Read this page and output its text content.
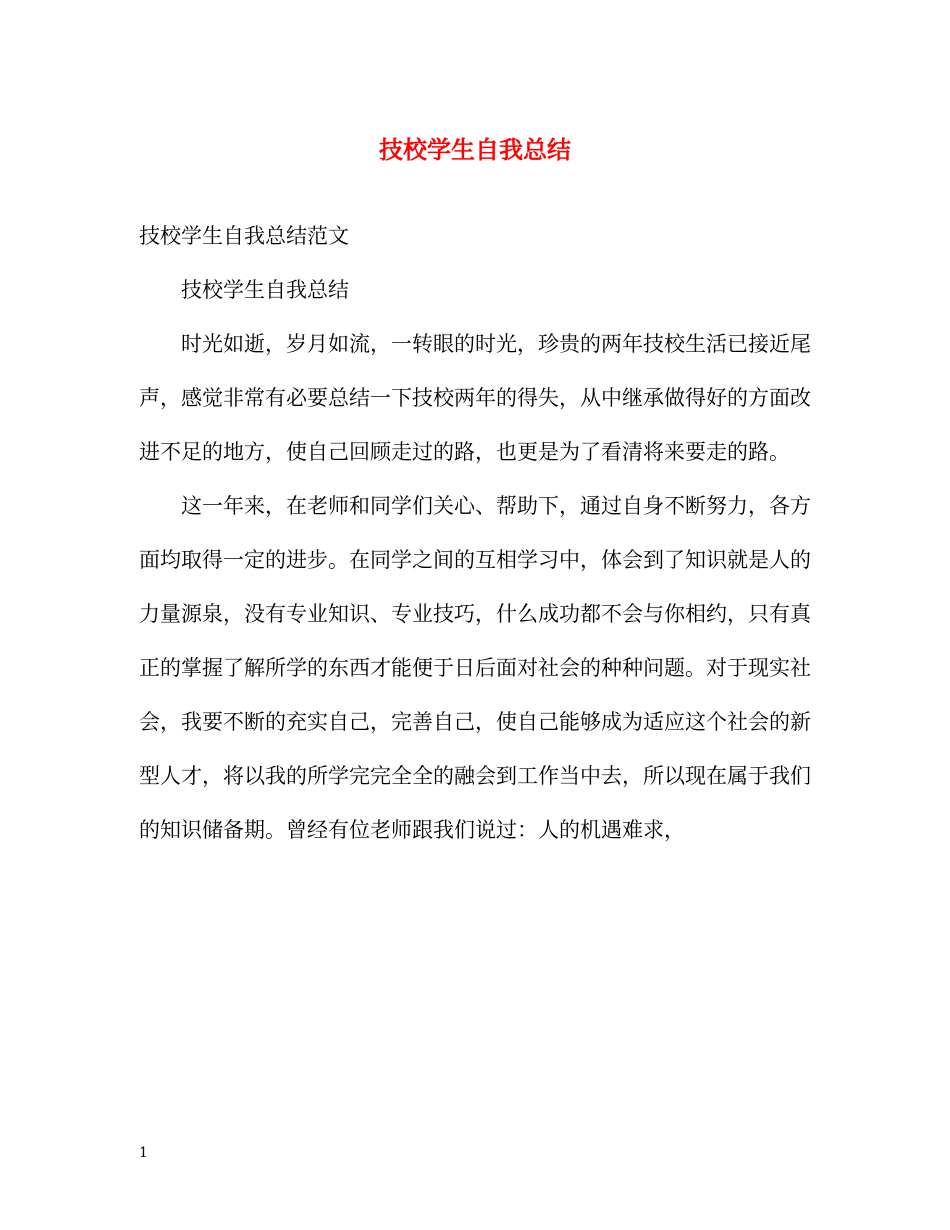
技校学生自我总结

技校学生自我总结范文

技校学生自我总结

时光如逝，岁月如流，一转眼的时光，珍贵的两年技校生活已接近尾声，感觉非常有必要总结一下技校两年的得失，从中继承做得好的方面改进不足的地方，使自己回顾走过的路，也更是为了看清将来要走的路。

这一年来，在老师和同学们关心、帮助下，通过自身不断努力，各方面均取得一定的进步。在同学之间的互相学习中，体会到了知识就是人的力量源泉，没有专业知识、专业技巧，什么成功都不会与你相约，只有真正的掌握了解所学的东西才能便于日后面对社会的种种问题。对于现实社会，我要不断的充实自己，完善自己，使自己能够成为适应这个社会的新型人才，将以我的所学完完全全的融会到工作当中去，所以现在属于我们的知识储备期。曾经有位老师跟我们说过：人的机遇难求，

1
